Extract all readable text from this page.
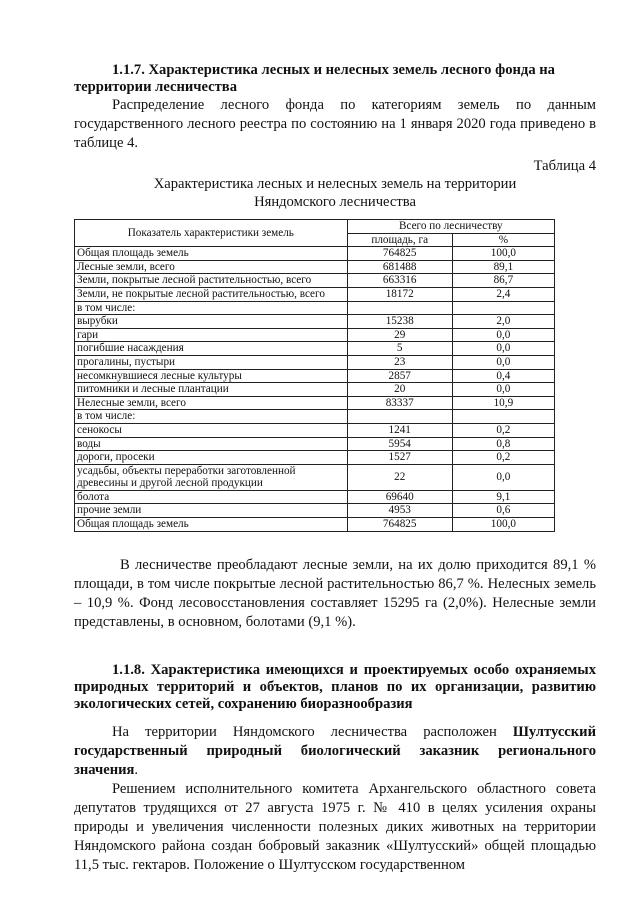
1.1.7. Характеристика лесных и нелесных земель лесного фонда на
территории лесничества

Распределение лесного фонда по категориям земель по данным государственного лесного реестра по состоянию на 1 января 2020 года приведено в таблице 4.

Таблица 4
Характеристика лесных и нелесных земель на территории
Няндомского лесничества
Показатель характеристики земель	Всего по лесничеству	
	площадь, га	%
Общая площадь земель	764825	100,0
Лесные земли, всего	681488	89,1
Земли, покрытые лесной растительностью, всего	663316	86,7
Земли, не покрытые лесной растительностью, всего	18172	2,4
в том числе:		
вырубки	15238	2,0
гари	29	0,0
погибшие насаждения	5	0,0
прогалины, пустыри	23	0,0
несомкнувшиеся лесные культуры	2857	0,4
питомники и лесные плантации	20	0,0
Нелесные земли, всего	83337	10,9
в том числе:		
сенокосы	1241	0,2
воды	5954	0,8
дороги, просеки	1527	0,2
усадьбы, объекты переработки заготовленной древесины и другой лесной продукции	22	0,0
болота	69640	9,1
прочие земли	4953	0,6
Общая площадь земель	764825	100,0

В лесничестве преобладают лесные земли, на их долю приходится 89,1 % площади, в том числе покрытые лесной растительностью 86,7 %. Нелесных земель – 10,9 %. Фонд лесовосстановления составляет 15295 га (2,0%). Нелесные земли представлены, в основном, болотами (9,1 %).

1.1.8. Характеристика имеющихся и проектируемых особо охраняемых природных территорий и объектов, планов по их организации, развитию экологических сетей, сохранению биоразнообразия

На территории Няндомского лесничества расположен Шултусский государственный природный биологический заказник регионального значения.

Решением исполнительного комитета Архангельского областного совета депутатов трудящихся от 27 августа 1975 г. № 410 в целях усиления охраны природы и увеличения численности полезных диких животных на территории Няндомского района создан бобровый заказник «Шултусский» общей площадью 11,5 тыс. гектаров. Положение о Шултусском государственном
